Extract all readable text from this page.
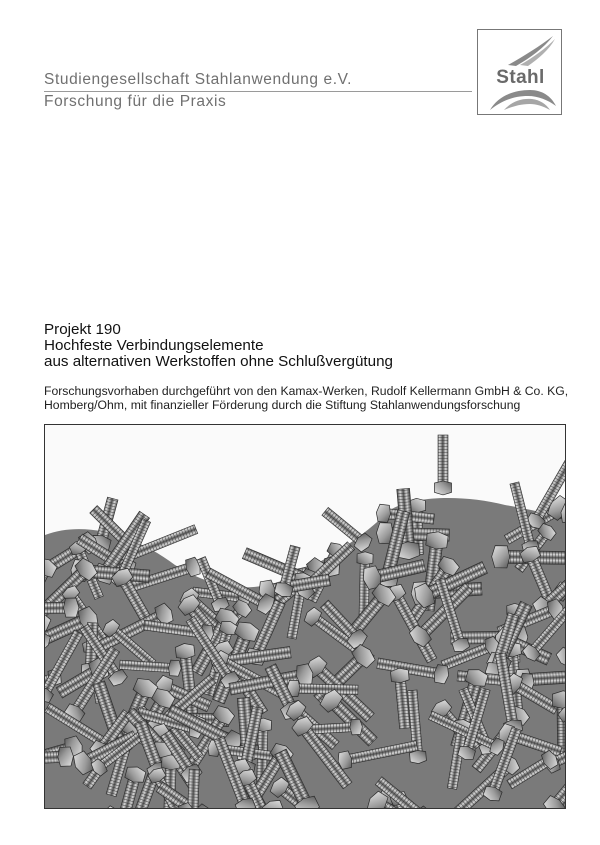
Studiengesellschaft Stahlanwendung e.V.
Forschung für die Praxis
Stahl
Projekt 190
Hochfeste Verbindungselemente
aus alternativen Werkstoffen ohne Schlußvergütung
Forschungsvorhaben durchgeführt von den Kamax-Werken, Rudolf Kellermann GmbH & Co. KG,
Homberg/Ohm, mit finanzieller Förderung durch die Stiftung Stahlanwendungsforschung
